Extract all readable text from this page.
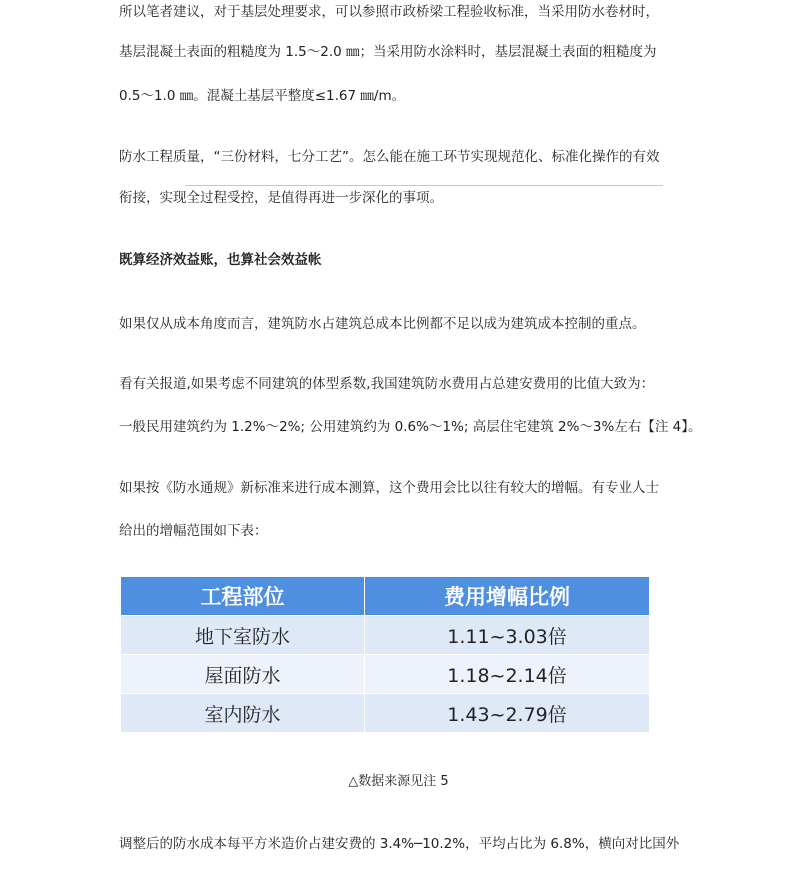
所以笔者建议，对于基层处理要求，可以参照市政桥梁工程验收标准，当采用防水卷材时，
基层混凝土表面的粗糙度为 1.5～2.0 ㎜；当采用防水涂料时，基层混凝土表面的粗糙度为
0.5～1.0 ㎜。混凝土基层平整度≤1.67 ㎜/m。
防水工程质量，“三份材料，七分工艺”。怎么能在施工环节实现规范化、标准化操作的有效
衔接，实现全过程受控，是值得再进一步深化的事项。
既算经济效益账，也算社会效益帐
如果仅从成本角度而言，建筑防水占建筑总成本比例都不足以成为建筑成本控制的重点。
看有关报道,如果考虑不同建筑的体型系数,我国建筑防水费用占总建安费用的比值大致为：
一般民用建筑约为 1.2%～2%; 公用建筑约为 0.6%～1%; 高层住宅建筑 2%～3%左右【注 4】。
如果按《防水通规》新标准来进行成本测算，这个费用会比以往有较大的增幅。有专业人士
给出的增幅范围如下表：
工程部位	费用增幅比例
地下室防水	1.11~3.03倍
屋面防水	1.18~2.14倍
室内防水	1.43~2.79倍
△数据来源见注 5
调整后的防水成本每平方米造价占建安费的 3.4%─10.2%，平均占比为 6.8%，横向对比国外
